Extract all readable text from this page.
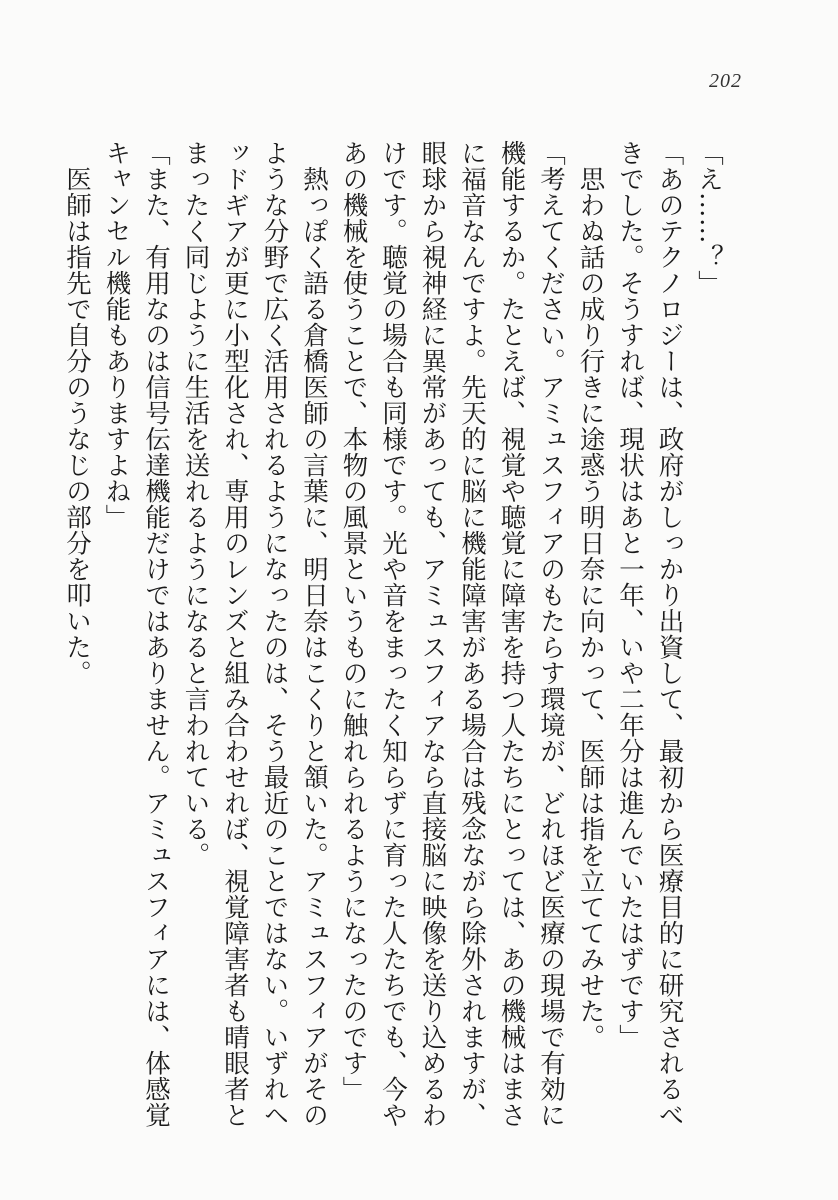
202

「え……？」

「あのテクノロジーは、政府がしっかり出資して、最初から医療目的に研究されるべきでした。そうすれば、現状はあと一年、いや二年分は進んでいたはずです」

思わぬ話の成り行きに途惑う明日奈に向かって、医師は指を立ててみせた。

「考えてください。アミュスフィアのもたらす環境が、どれほど医療の現場で有効に機能するか。たとえば、視覚や聴覚に障害を持つ人たちにとっては、あの機械はまさに福音なんですよ。先天的に脳に機能障害がある場合は残念ながら除外されますが、眼球から視神経に異常があっても、アミュスフィアなら直接脳に映像を送り込めるわけです。聴覚の場合も同様です。光や音をまったく知らずに育った人たちでも、今やあの機械を使うことで、本物の風景というものに触れられるようになったのです」

熱っぽく語る倉橋医師の言葉に、明日奈はこくりと頷いた。アミュスフィアがそのような分野で広く活用されるようになったのは、そう最近のことではない。いずれヘッドギアが更に小型化され、専用のレンズと組み合わせれば、視覚障害者も晴眼者とまったく同じように生活を送れるようになると言われている。

「また、有用なのは信号伝達機能だけではありません。アミュスフィアには、体感覚キャンセル機能もありますよね」

医師は指先で自分のうなじの部分を叩いた。
